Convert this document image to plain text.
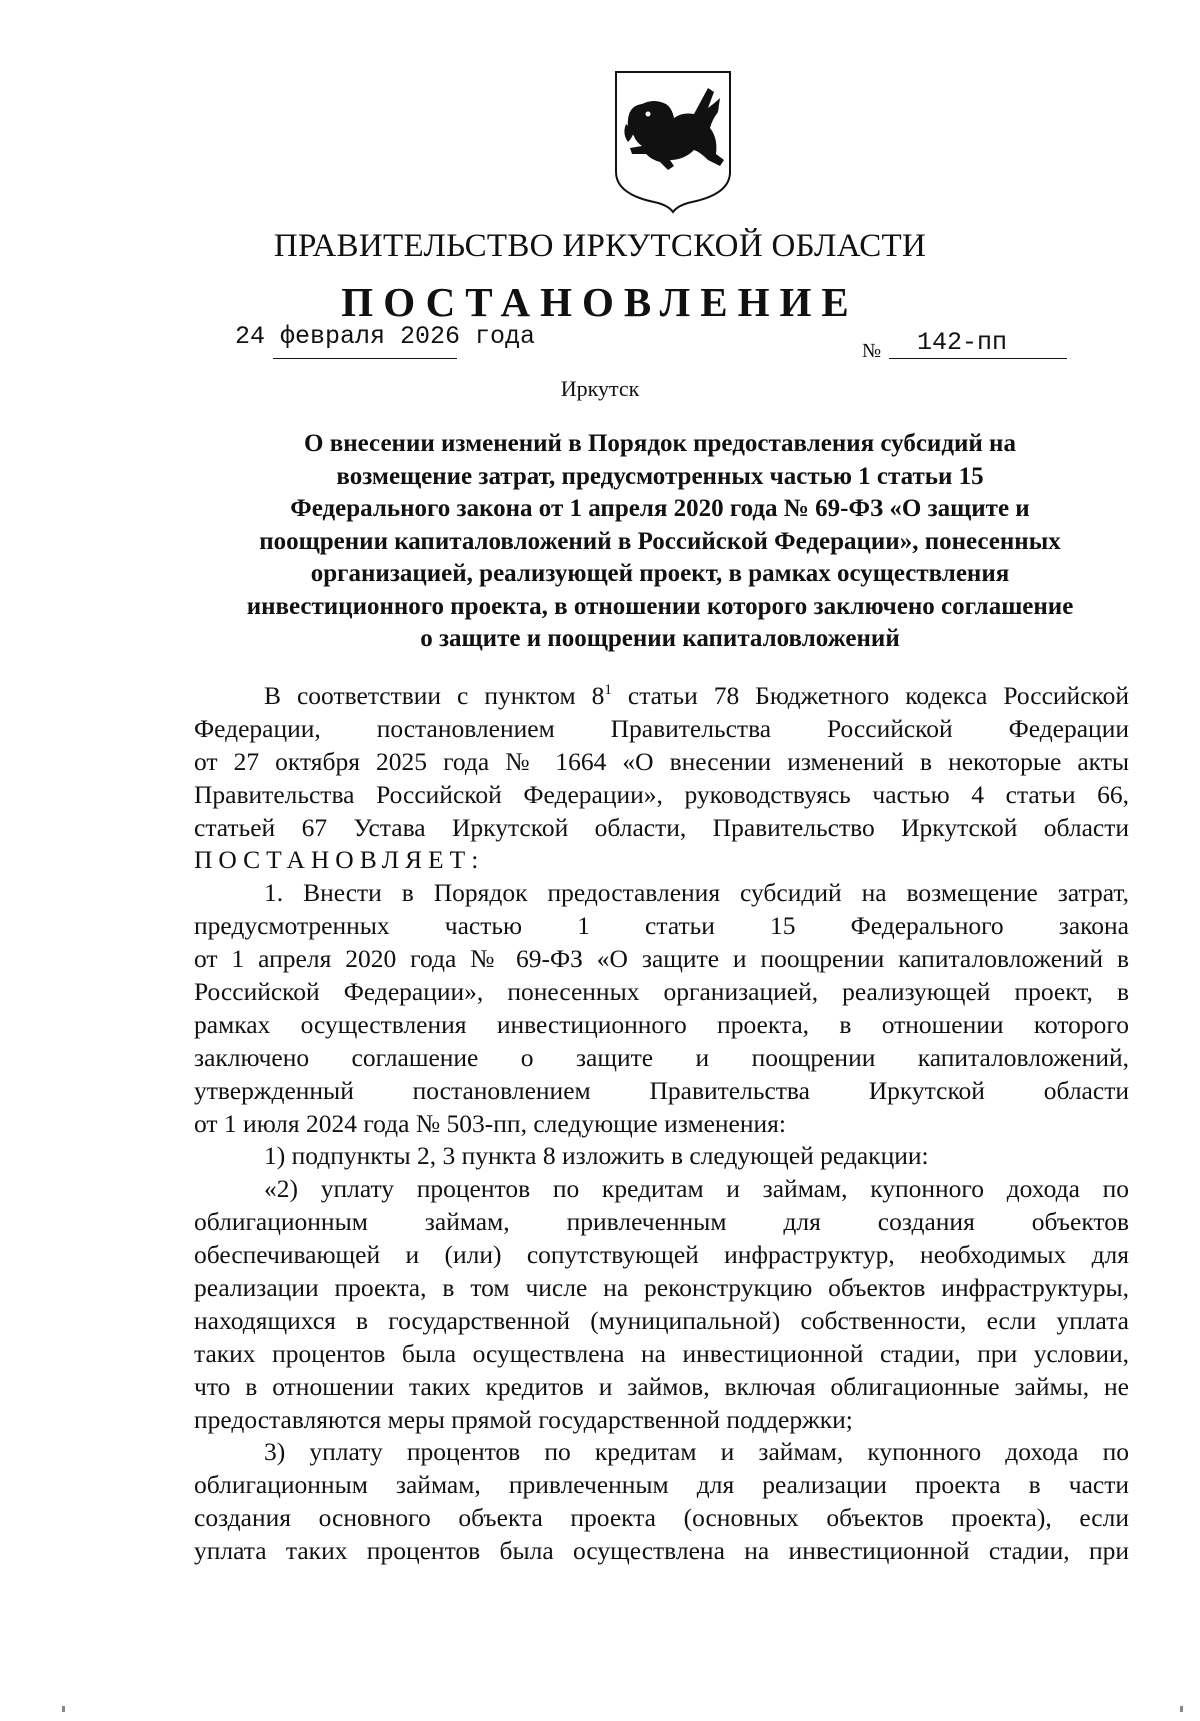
ПРАВИТЕЛЬСТВО ИРКУТСКОЙ ОБЛАСТИ
ПОСТАНОВЛЕНИЕ
24 февраля 2026 года	№ 142-пп
Иркутск
О внесении изменений в Порядок предоставления субсидий на
возмещение затрат, предусмотренных частью 1 статьи 15
Федерального закона от 1 апреля 2020 года № 69-ФЗ «О защите и
поощрении капиталовложений в Российской Федерации», понесенных
организацией, реализующей проект, в рамках осуществления
инвестиционного проекта, в отношении которого заключено соглашение
о защите и поощрении капиталовложений
В соответствии с пунктом $8^1$ статьи 78 Бюджетного кодекса Российской
Федерации, постановлением Правительства Российской Федерации
от 27 октября 2025 года № 1664 «О внесении изменений в некоторые акты
Правительства Российской Федерации», руководствуясь частью 4 статьи 66,
статьей 67 Устава Иркутской области, Правительство Иркутской области
ПОСТАНОВЛЯЕТ:
1. Внести в Порядок предоставления субсидий на возмещение затрат,
предусмотренных частью 1 статьи 15 Федерального закона
от 1 апреля 2020 года № 69-ФЗ «О защите и поощрении капиталовложений в
Российской Федерации», понесенных организацией, реализующей проект, в
рамках осуществления инвестиционного проекта, в отношении которого
заключено соглашение о защите и поощрении капиталовложений,
утвержденный постановлением Правительства Иркутской области
от 1 июля 2024 года № 503-пп, следующие изменения:
1) подпункты 2, 3 пункта 8 изложить в следующей редакции:
«2) уплату процентов по кредитам и займам, купонного дохода по
облигационным займам, привлеченным для создания объектов
обеспечивающей и (или) сопутствующей инфраструктур, необходимых для
реализации проекта, в том числе на реконструкцию объектов инфраструктуры,
находящихся в государственной (муниципальной) собственности, если уплата
таких процентов была осуществлена на инвестиционной стадии, при условии,
что в отношении таких кредитов и займов, включая облигационные займы, не
предоставляются меры прямой государственной поддержки;
3) уплату процентов по кредитам и займам, купонного дохода по
облигационным займам, привлеченным для реализации проекта в части
создания основного объекта проекта (основных объектов проекта), если
уплата таких процентов была осуществлена на инвестиционной стадии, при
